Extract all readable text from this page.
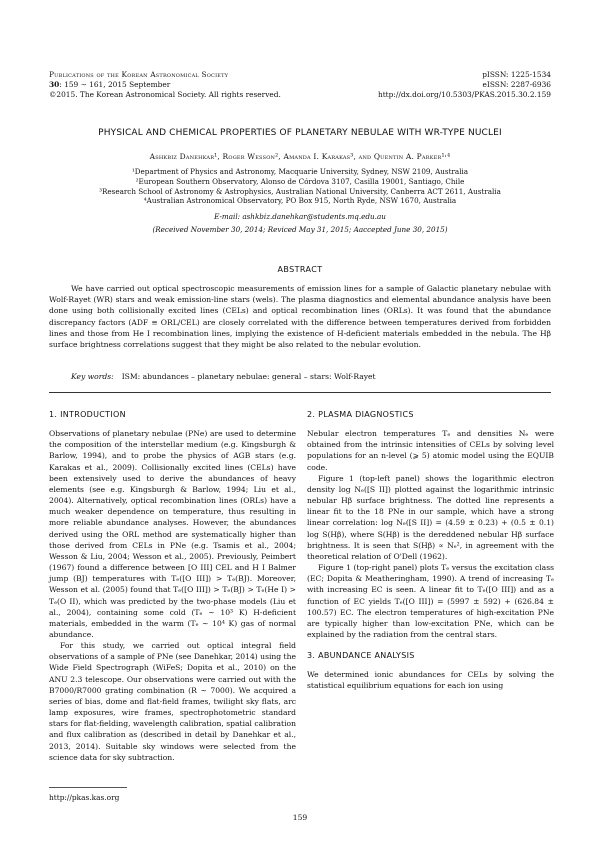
Publications of the Korean Astronomical Society	pISSN: 1225-1534
30: 159 ∼ 161, 2015 September	eISSN: 2287-6936
©2015. The Korean Astronomical Society. All rights reserved.	http://dx.doi.org/10.5303/PKAS.2015.30.2.159
PHYSICAL AND CHEMICAL PROPERTIES OF PLANETARY NEBULAE WITH WR-TYPE NUCLEI
Ashkbiz Danehkar¹, Roger Wesson², Amanda I. Karakas³, and Quentin A. Parker¹˒⁴
¹Department of Physics and Astronomy, Macquarie University, Sydney, NSW 2109, Australia
²European Southern Observatory, Alonso de Córdova 3107, Casilla 19001, Santiago, Chile
³Research School of Astronomy & Astrophysics, Australian National University, Canberra ACT 2611, Australia
⁴Australian Astronomical Observatory, PO Box 915, North Ryde, NSW 1670, Australia
E-mail: ashkbiz.danehkar@students.mq.edu.au
(Received November 30, 2014; Reviced May 31, 2015; Aaccepted June 30, 2015)
ABSTRACT
We have carried out optical spectroscopic measurements of emission lines for a sample of Galactic planetary nebulae with Wolf-Rayet (WR) stars and weak emission-line stars (wels). The plasma diagnostics and elemental abundance analysis have been done using both collisionally excited lines (CELs) and optical recombination lines (ORLs). It was found that the abundance discrepancy factors (ADF ≡ ORL/CEL) are closely correlated with the difference between temperatures derived from forbidden lines and those from He I recombination lines, implying the existence of H-deficient materials embedded in the nebula. The Hβ surface brightness correlations suggest that they might be also related to the nebular evolution.
Key words: ISM: abundances – planetary nebulae: general – stars: Wolf-Rayet
1. INTRODUCTION

Observations of planetary nebulae (PNe) are used to determine the composition of the interstellar medium (e.g. Kingsburgh & Barlow, 1994), and to probe the physics of AGB stars (e.g. Karakas et al., 2009). Collisionally excited lines (CELs) have been extensively used to derive the abundances of heavy elements (see e.g. Kingsburgh & Barlow, 1994; Liu et al., 2004). Alternatively, optical recombination lines (ORLs) have a much weaker dependence on temperature, thus resulting in more reliable abundance analyses. However, the abundances derived using the ORL method are systematically higher than those derived from CELs in PNe (e.g. Tsamis et al., 2004; Wesson & Liu, 2004; Wesson et al., 2005). Previously, Peimbert (1967) found a difference between [O III] CEL and H I Balmer jump (BJ) temperatures with Tₑ([O III]) > Tₑ(BJ). Moreover, Wesson et al. (2005) found that Tₑ([O III]) > Tₑ(BJ) > Tₑ(He I) > Tₑ(O II), which was predicted by the two-phase models (Liu et al., 2004), containing some cold (Tₑ ∼ 10³ K) H-deficient materials, embedded in the warm (Tₑ ∼ 10⁴ K) gas of normal abundance.

For this study, we carried out optical integral field observations of a sample of PNe (see Danehkar, 2014) using the Wide Field Spectrograph (WiFeS; Dopita et al., 2010) on the ANU 2.3 telescope. Our observations were carried out with the B7000/R7000 grating combination (R ∼ 7000). We acquired a series of bias, dome and flat-field frames, twilight sky flats, arc lamp exposures, wire frames, spectrophotometric standard stars for flat-fielding, wavelength calibration, spatial calibration and flux calibration as (described in detail by Danehkar et al., 2013, 2014). Suitable sky windows were selected from the science data for sky subtraction.

2. PLASMA DIAGNOSTICS

Nebular electron temperatures Tₑ and densities Nₑ were obtained from the intrinsic intensities of CELs by solving level populations for an n-level (⩾ 5) atomic model using the EQUIB code.

Figure 1 (top-left panel) shows the logarithmic electron density log Nₑ([S II]) plotted against the logarithmic intrinsic nebular Hβ surface brightness. The dotted line represents a linear fit to the 18 PNe in our sample, which have a strong linear correlation: log Nₑ([S II]) = (4.59 ± 0.23) + (0.5 ± 0.1) log S(Hβ), where S(Hβ) is the dereddened nebular Hβ surface brightness. It is seen that S(Hβ) ∝ Nₑ², in agreement with the theoretical relation of O'Dell (1962).

Figure 1 (top-right panel) plots Tₑ versus the excitation class (EC; Dopita & Meatheringham, 1990). A trend of increasing Tₑ with increasing EC is seen. A linear fit to Tₑ([O III]) and as a function of EC yields Tₑ([O III]) = (5997 ± 592) + (626.84 ± 100.57) EC. The electron temperatures of high-excitation PNe are typically higher than low-excitation PNe, which can be explained by the radiation from the central stars.

3. ABUNDANCE ANALYSIS

We determined ionic abundances for CELs by solving the statistical equilibrium equations for each ion using

http://pkas.kas.org
159
